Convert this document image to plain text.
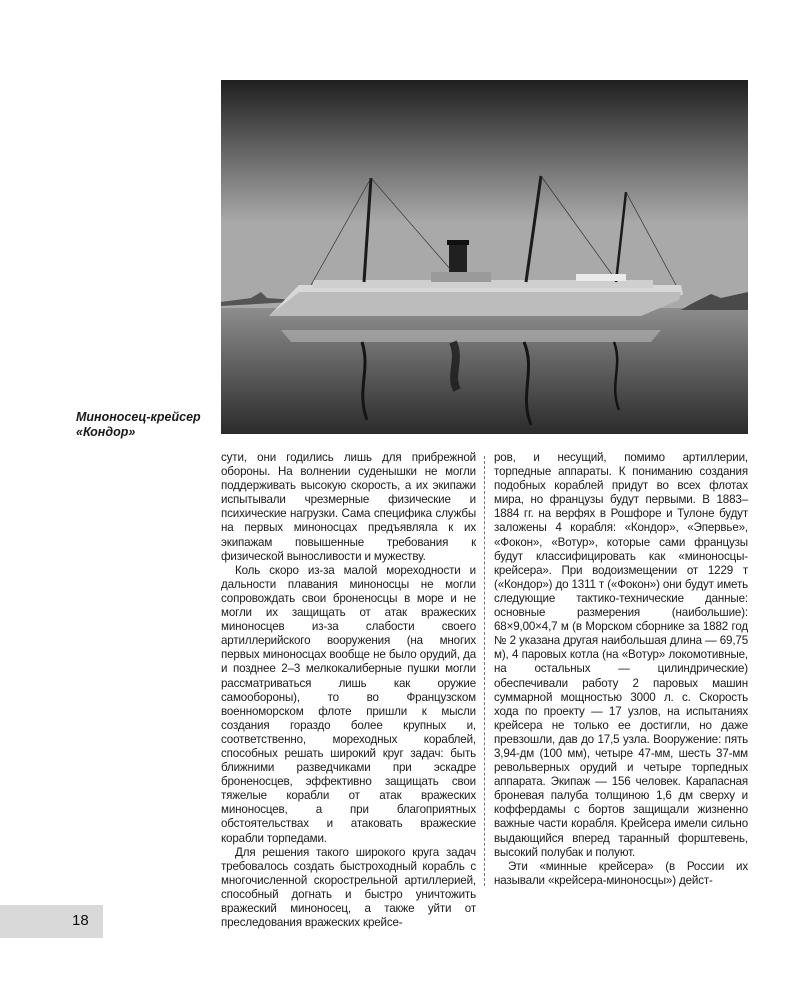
Миноносец-крейсер
«Кондор»

сути, они годились лишь для прибрежной обороны. На волнении суденышки не могли поддерживать высокую скорость, а их экипажи испытывали чрезмерные физические и психические нагрузки. Сама специфика службы на первых миноносцах предъявляла к их экипажам повышенные требования к физической выносливости и мужеству.

Коль скоро из-за малой мореходности и дальности плавания миноносцы не могли сопровождать свои броненосцы в море и не могли их защищать от атак вражеских миноносцев из-за слабости своего артиллерийского вооружения (на многих первых миноносцах вообще не было орудий, да и позднее 2–3 мелкокалиберные пушки могли рассматриваться лишь как оружие самообороны), то во Французском военноморском флоте пришли к мысли создания гораздо более крупных и, соответственно, мореходных кораблей, способных решать широкий круг задач: быть ближними разведчиками при эскадре броненосцев, эффективно защищать свои тяжелые корабли от атак вражеских миноносцев, а при благоприятных обстоятельствах и атаковать вражеские корабли торпедами.

Для решения такого широкого круга задач требовалось создать быстроходный корабль с многочисленной скорострельной артиллерией, способный догнать и быстро уничтожить вражеский миноносец, а также уйти от преследования вражеских крейсе-

ров, и несущий, помимо артиллерии, торпедные аппараты. К пониманию создания подобных кораблей придут во всех флотах мира, но французы будут первыми. В 1883–1884 гг. на верфях в Рошфоре и Тулоне будут заложены 4 корабля: «Кондор», «Эпервье», «Фокон», «Вотур», которые сами французы будут классифицировать как «миноносцы-крейсера». При водоизмещении от 1229 т («Кондор») до 1311 т («Фокон») они будут иметь следующие тактико-технические данные: основные размерения (наибольшие): 68×9,00×4,7 м (в Морском сборнике за 1882 год № 2 указана другая наибольшая длина — 69,75 м), 4 паровых котла (на «Вотур» локомотивные, на остальных — цилиндрические) обеспечивали работу 2 паровых машин суммарной мощностью 3000 л. с. Скорость хода по проекту — 17 узлов, на испытаниях крейсера не только ее достигли, но даже превзошли, дав до 17,5 узла. Вооружение: пять 3,94-дм (100 мм), четыре 47-мм, шесть 37-мм револьверных орудий и четыре торпедных аппарата. Экипаж — 156 человек. Карапасная броневая палуба толщиною 1,6 дм сверху и коффердамы с бортов защищали жизненно важные части корабля. Крейсера имели сильно выдающийся вперед таранный форштевень, высокий полубак и полуют.

Эти «минные крейсера» (в России их называли «крейсера-миноносцы») дейст-

18
